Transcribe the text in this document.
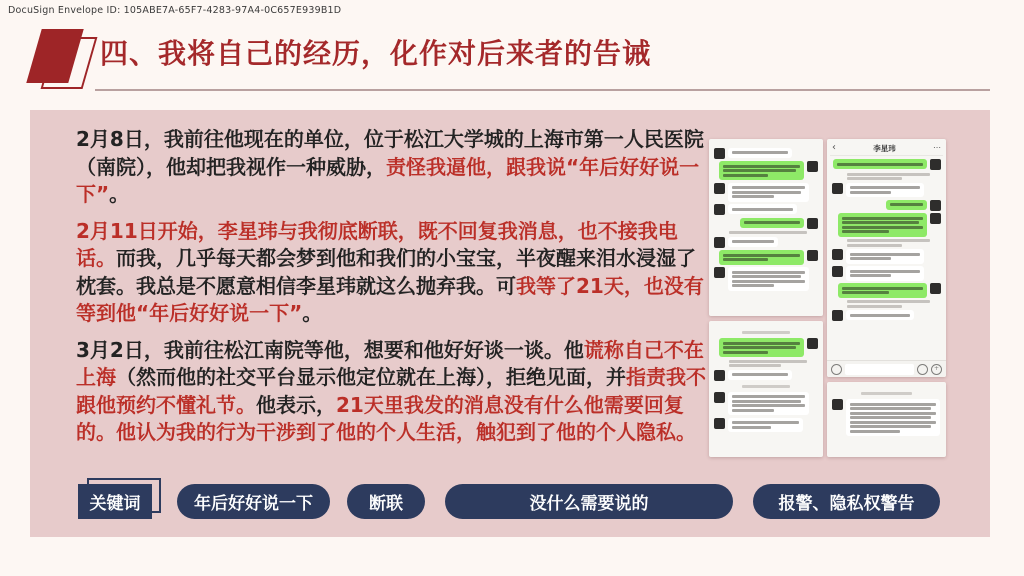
DocuSign Envelope ID: 105ABE7A-65F7-4283-97A4-0C657E939B1D
四、我将自己的经历，化作对后来者的告诫

2月8日，我前往他现在的单位，位于松江大学城的上海市第一人民医院（南院），他却把我视作一种威胁，责怪我逼他，跟我说“年后好好说一下”。

2月11日开始，李星玮与我彻底断联，既不回复我消息，也不接我电话。而我，几乎每天都会梦到他和我们的小宝宝，半夜醒来泪水浸湿了枕套。我总是不愿意相信李星玮就这么抛弃我。可我等了21天，也没有等到他“年后好好说一下”。

3月2日，我前往松江南院等他，想要和他好好谈一谈。他谎称自己不在上海（然而他的社交平台显示他定位就在上海），拒绝见面，并指责我不跟他预约不懂礼节。他表示，21天里我发的消息没有什么他需要回复的。他认为我的行为干涉到了他的个人生活，触犯到了他的个人隐私。

‹	李星玮	⋯
+
关键词	年后好好说一下	断联	没什么需要说的	报警、隐私权警告
